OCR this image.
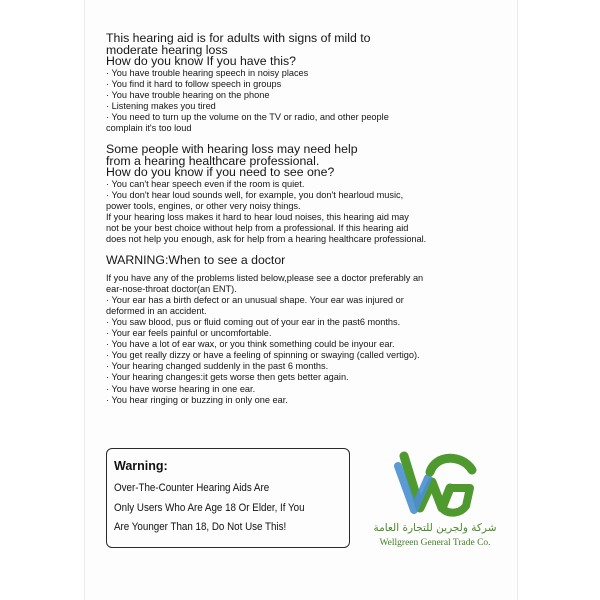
This hearing aid is for adults with signs of mild to

moderate hearing loss

How do you know If you have this?

· You have trouble hearing speech in noisy places

· You find it hard to follow speech in groups

· You have trouble hearing on the phone

· Listening makes you tired

· You need to turn up the volume on the TV or radio, and other people

complain it's too loud

Some people with hearing loss may need help

from a hearing healthcare professional.

How do you know if you need to see one?

· You can't hear speech even if the room is quiet.

· You don't hear loud sounds well, for example, you don't hearloud music,

power tools, engines, or other very noisy things.

If your hearing loss makes it hard to hear loud noises, this hearing aid may

not be your best choice without help from a professional. If this hearing aid

does not help you enough, ask for help from a hearing healthcare professional.

WARNING:When to see a doctor

If you have any of the problems listed below,please see a doctor preferably an

ear-nose-throat doctor(an ENT).

· Your ear has a birth defect or an unusual shape. Your ear was injured or

deformed in an accident.

· You saw blood, pus or fluid coming out of your ear in the past6 months.

· Your ear feels painful or uncomfortable.

· You have a lot of ear wax, or you think something could be inyour ear.

· You get really dizzy or have a feeling of spinning or swaying (called vertigo).

· Your hearing changed suddenly in the past 6 months.

· Your hearing changes:it gets worse then gets better again.

· You have worse hearing in one ear.

· You hear ringing or buzzing in only one ear.

Warning:

Over-The-Counter Hearing Aids Are

Only Users Who Are Age 18 Or Elder, If You

Are Younger Than 18, Do Not Use This!	شركة ولجرين للتجارة العامة
Wellgreen General Trade Co.
